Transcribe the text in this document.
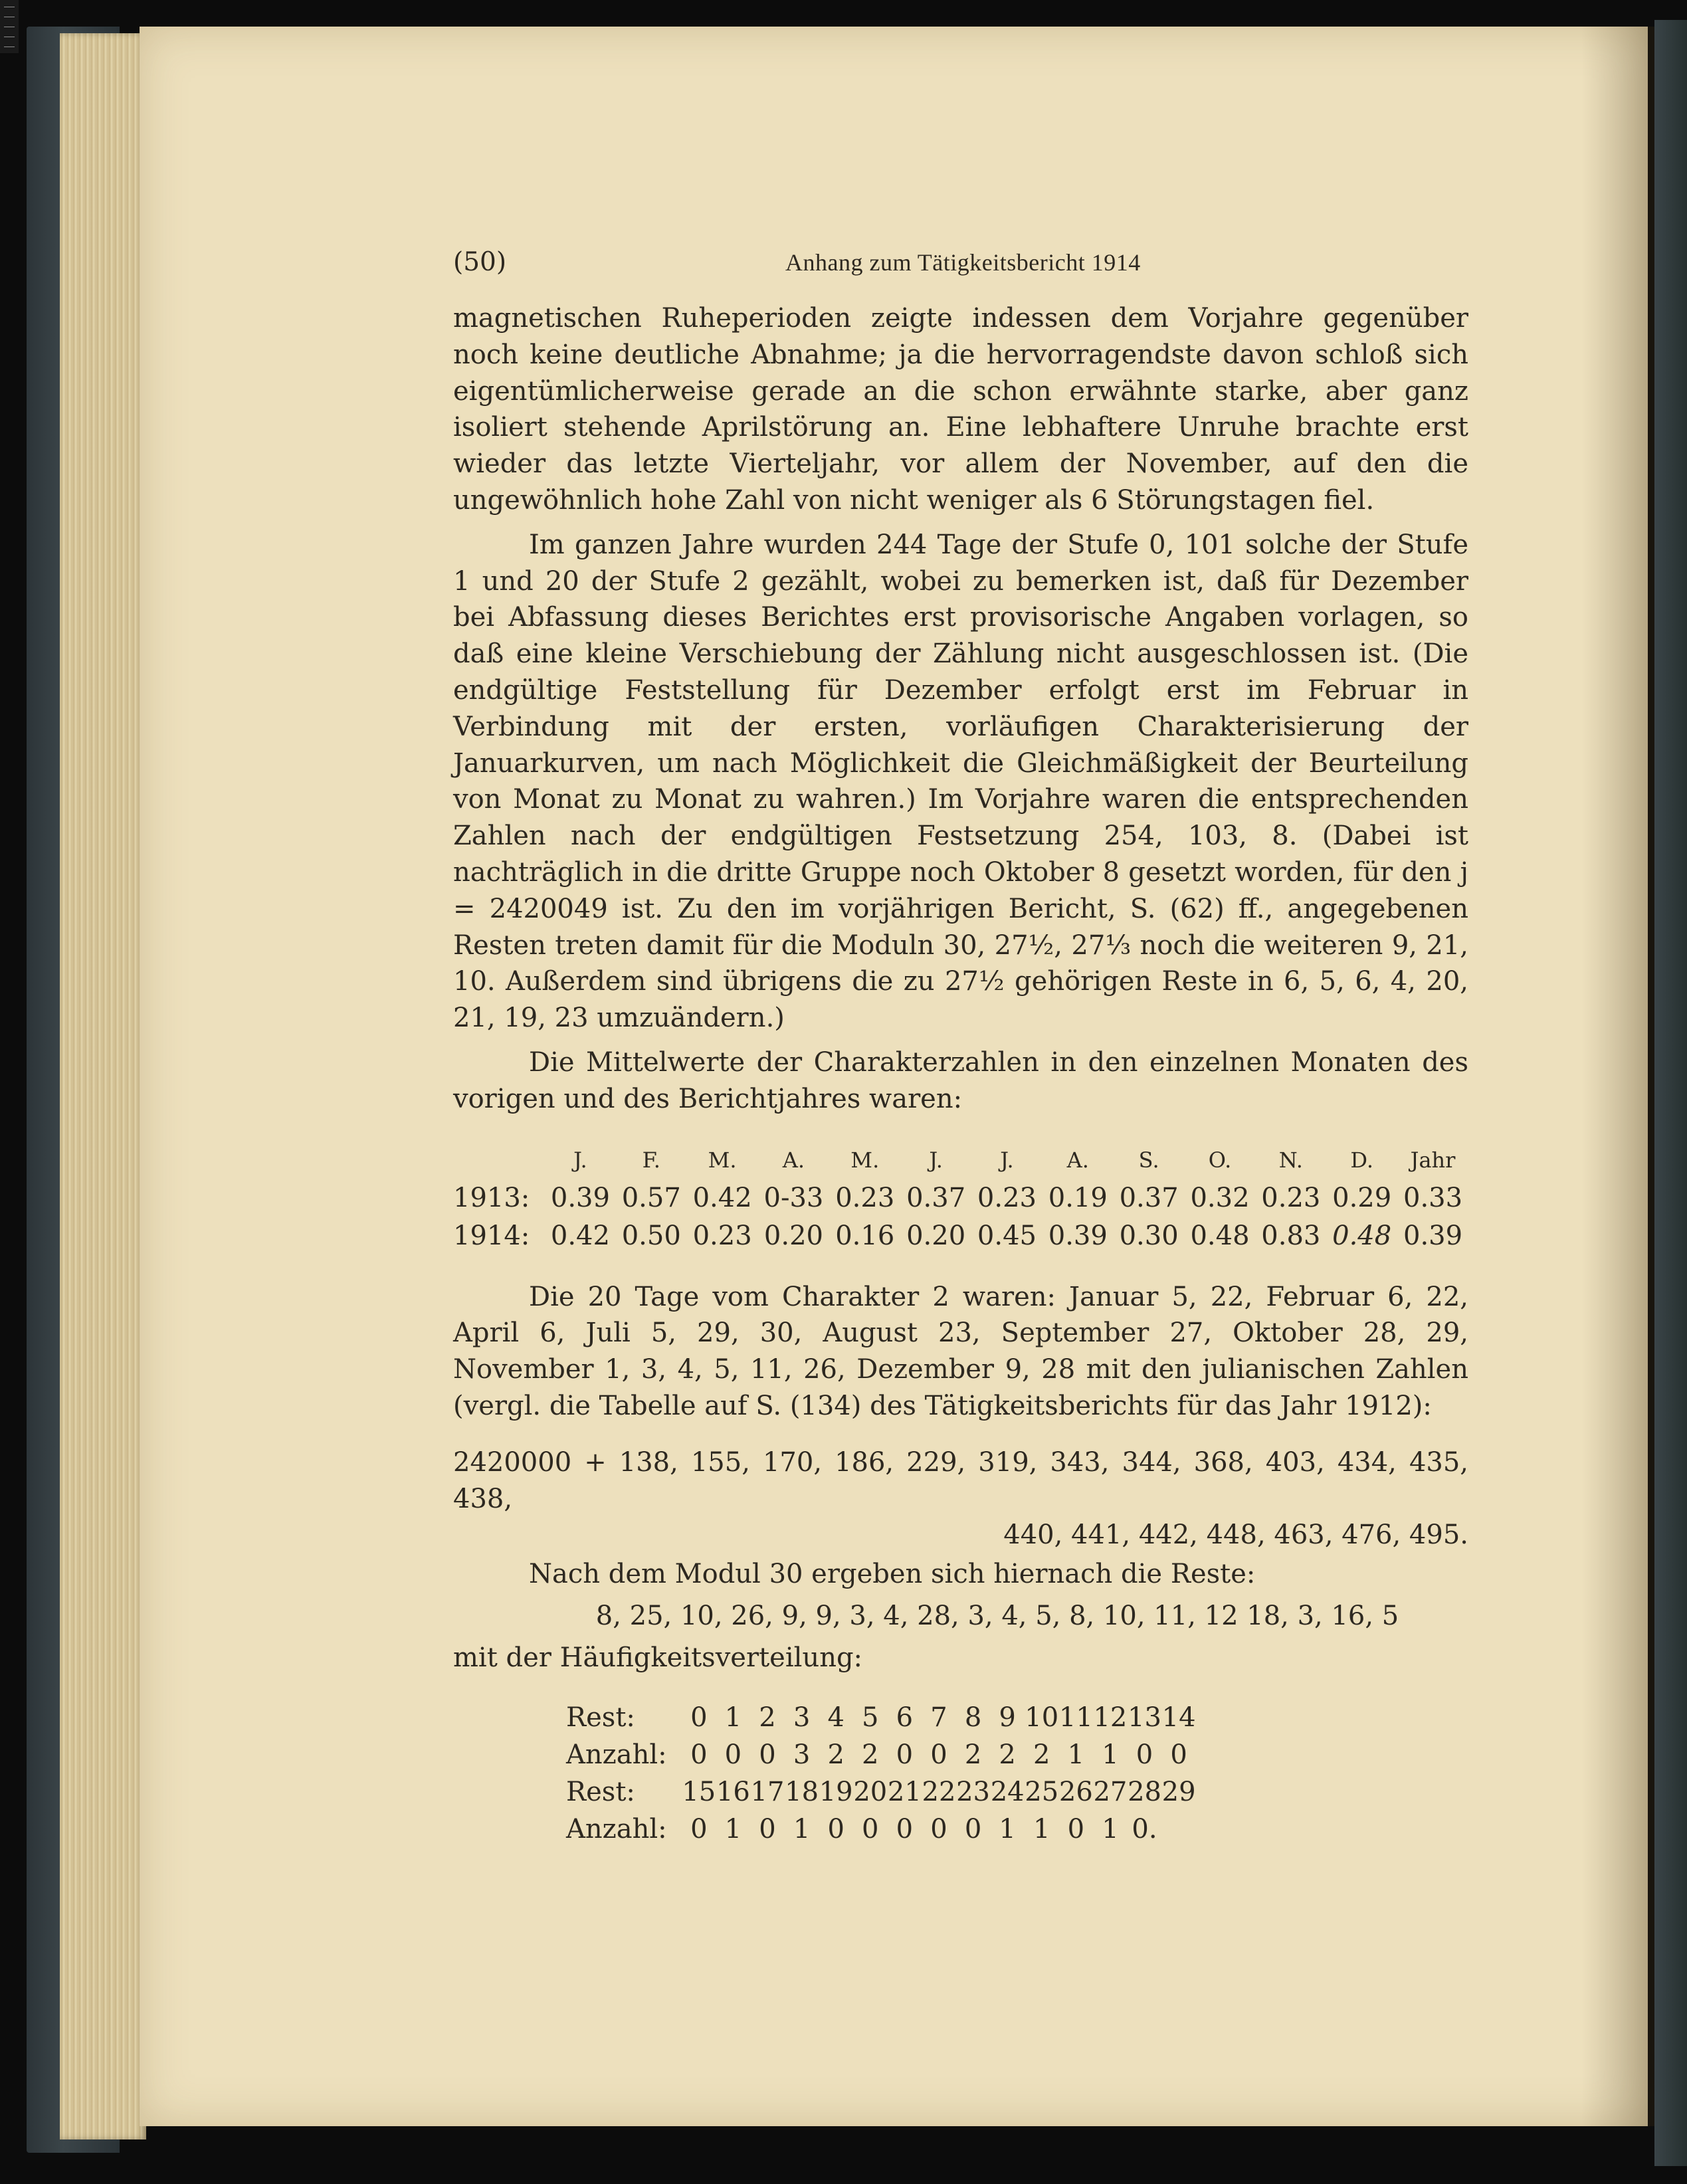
(50)	Anhang zum Tätigkeitsbericht 1914

magnetischen Ruheperioden zeigte indessen dem Vorjahre gegenüber noch keine deutliche Abnahme; ja die hervorragendste davon schloß sich eigentümlicherweise gerade an die schon erwähnte starke, aber ganz isoliert stehende Aprilstörung an. Eine lebhaftere Unruhe brachte erst wieder das letzte Vierteljahr, vor allem der November, auf den die ungewöhnlich hohe Zahl von nicht weniger als 6 Störungstagen fiel.

Im ganzen Jahre wurden 244 Tage der Stufe 0, 101 solche der Stufe 1 und 20 der Stufe 2 gezählt, wobei zu bemerken ist, daß für Dezember bei Abfassung dieses Berichtes erst provisorische Angaben vorlagen, so daß eine kleine Verschiebung der Zählung nicht ausgeschlossen ist. (Die endgültige Feststellung für Dezember erfolgt erst im Februar in Verbindung mit der ersten, vorläufigen Charakterisierung der Januarkurven, um nach Möglichkeit die Gleichmäßigkeit der Beurteilung von Monat zu Monat zu wahren.) Im Vorjahre waren die entsprechenden Zahlen nach der endgültigen Festsetzung 254, 103, 8. (Dabei ist nachträglich in die dritte Gruppe noch Oktober 8 gesetzt worden, für den j = 2420049 ist. Zu den im vorjährigen Bericht, S. (62) ff., angegebenen Resten treten damit für die Moduln 30, 27½, 27⅓ noch die weiteren 9, 21, 10. Außerdem sind übrigens die zu 27½ gehörigen Reste in 6, 5, 6, 4, 20, 21, 19, 23 umzuändern.)

Die Mittelwerte der Charakterzahlen in den einzelnen Monaten des vorigen und des Berichtjahres waren:

	J.	F.	M.	A.	M.	J.	J.	A.	S.	O.	N.	D.	Jahr
1913:	0.39	0.57	0.42	0-33	0.23	0.37	0.23	0.19	0.37	0.32	0.23	0.29	0.33
1914:	0.42	0.50	0.23	0.20	0.16	0.20	0.45	0.39	0.30	0.48	0.83	0.48	0.39

Die 20 Tage vom Charakter 2 waren: Januar 5, 22, Februar 6, 22, April 6, Juli 5, 29, 30, August 23, September 27, Oktober 28, 29, November 1, 3, 4, 5, 11, 26, Dezember 9, 28 mit den julianischen Zahlen (vergl. die Tabelle auf S. (134) des Tätigkeitsberichts für das Jahr 1912):

2420000 + 138, 155, 170, 186, 229, 319, 343, 344, 368, 403, 434, 435, 438,
440, 441, 442, 448, 463, 476, 495.

Nach dem Modul 30 ergeben sich hiernach die Reste:

8, 25, 10, 26, 9, 9, 3, 4, 28, 3, 4, 5, 8, 10, 11, 12 18, 3, 16, 5

mit der Häufigkeitsverteilung:

Rest:	0	1	2	3	4	5	6	7	8	9	10	11	12	13	14
Anzahl:	0	0	0	3	2	2	0	0	2	2	2	1	1	0	0
Rest:	15	16	17	18	19	20	21	22	23	24	25	26	27	28	29
Anzahl:	0	1	0	1	0	0	0	0	0	1	1	0	1	0.	
